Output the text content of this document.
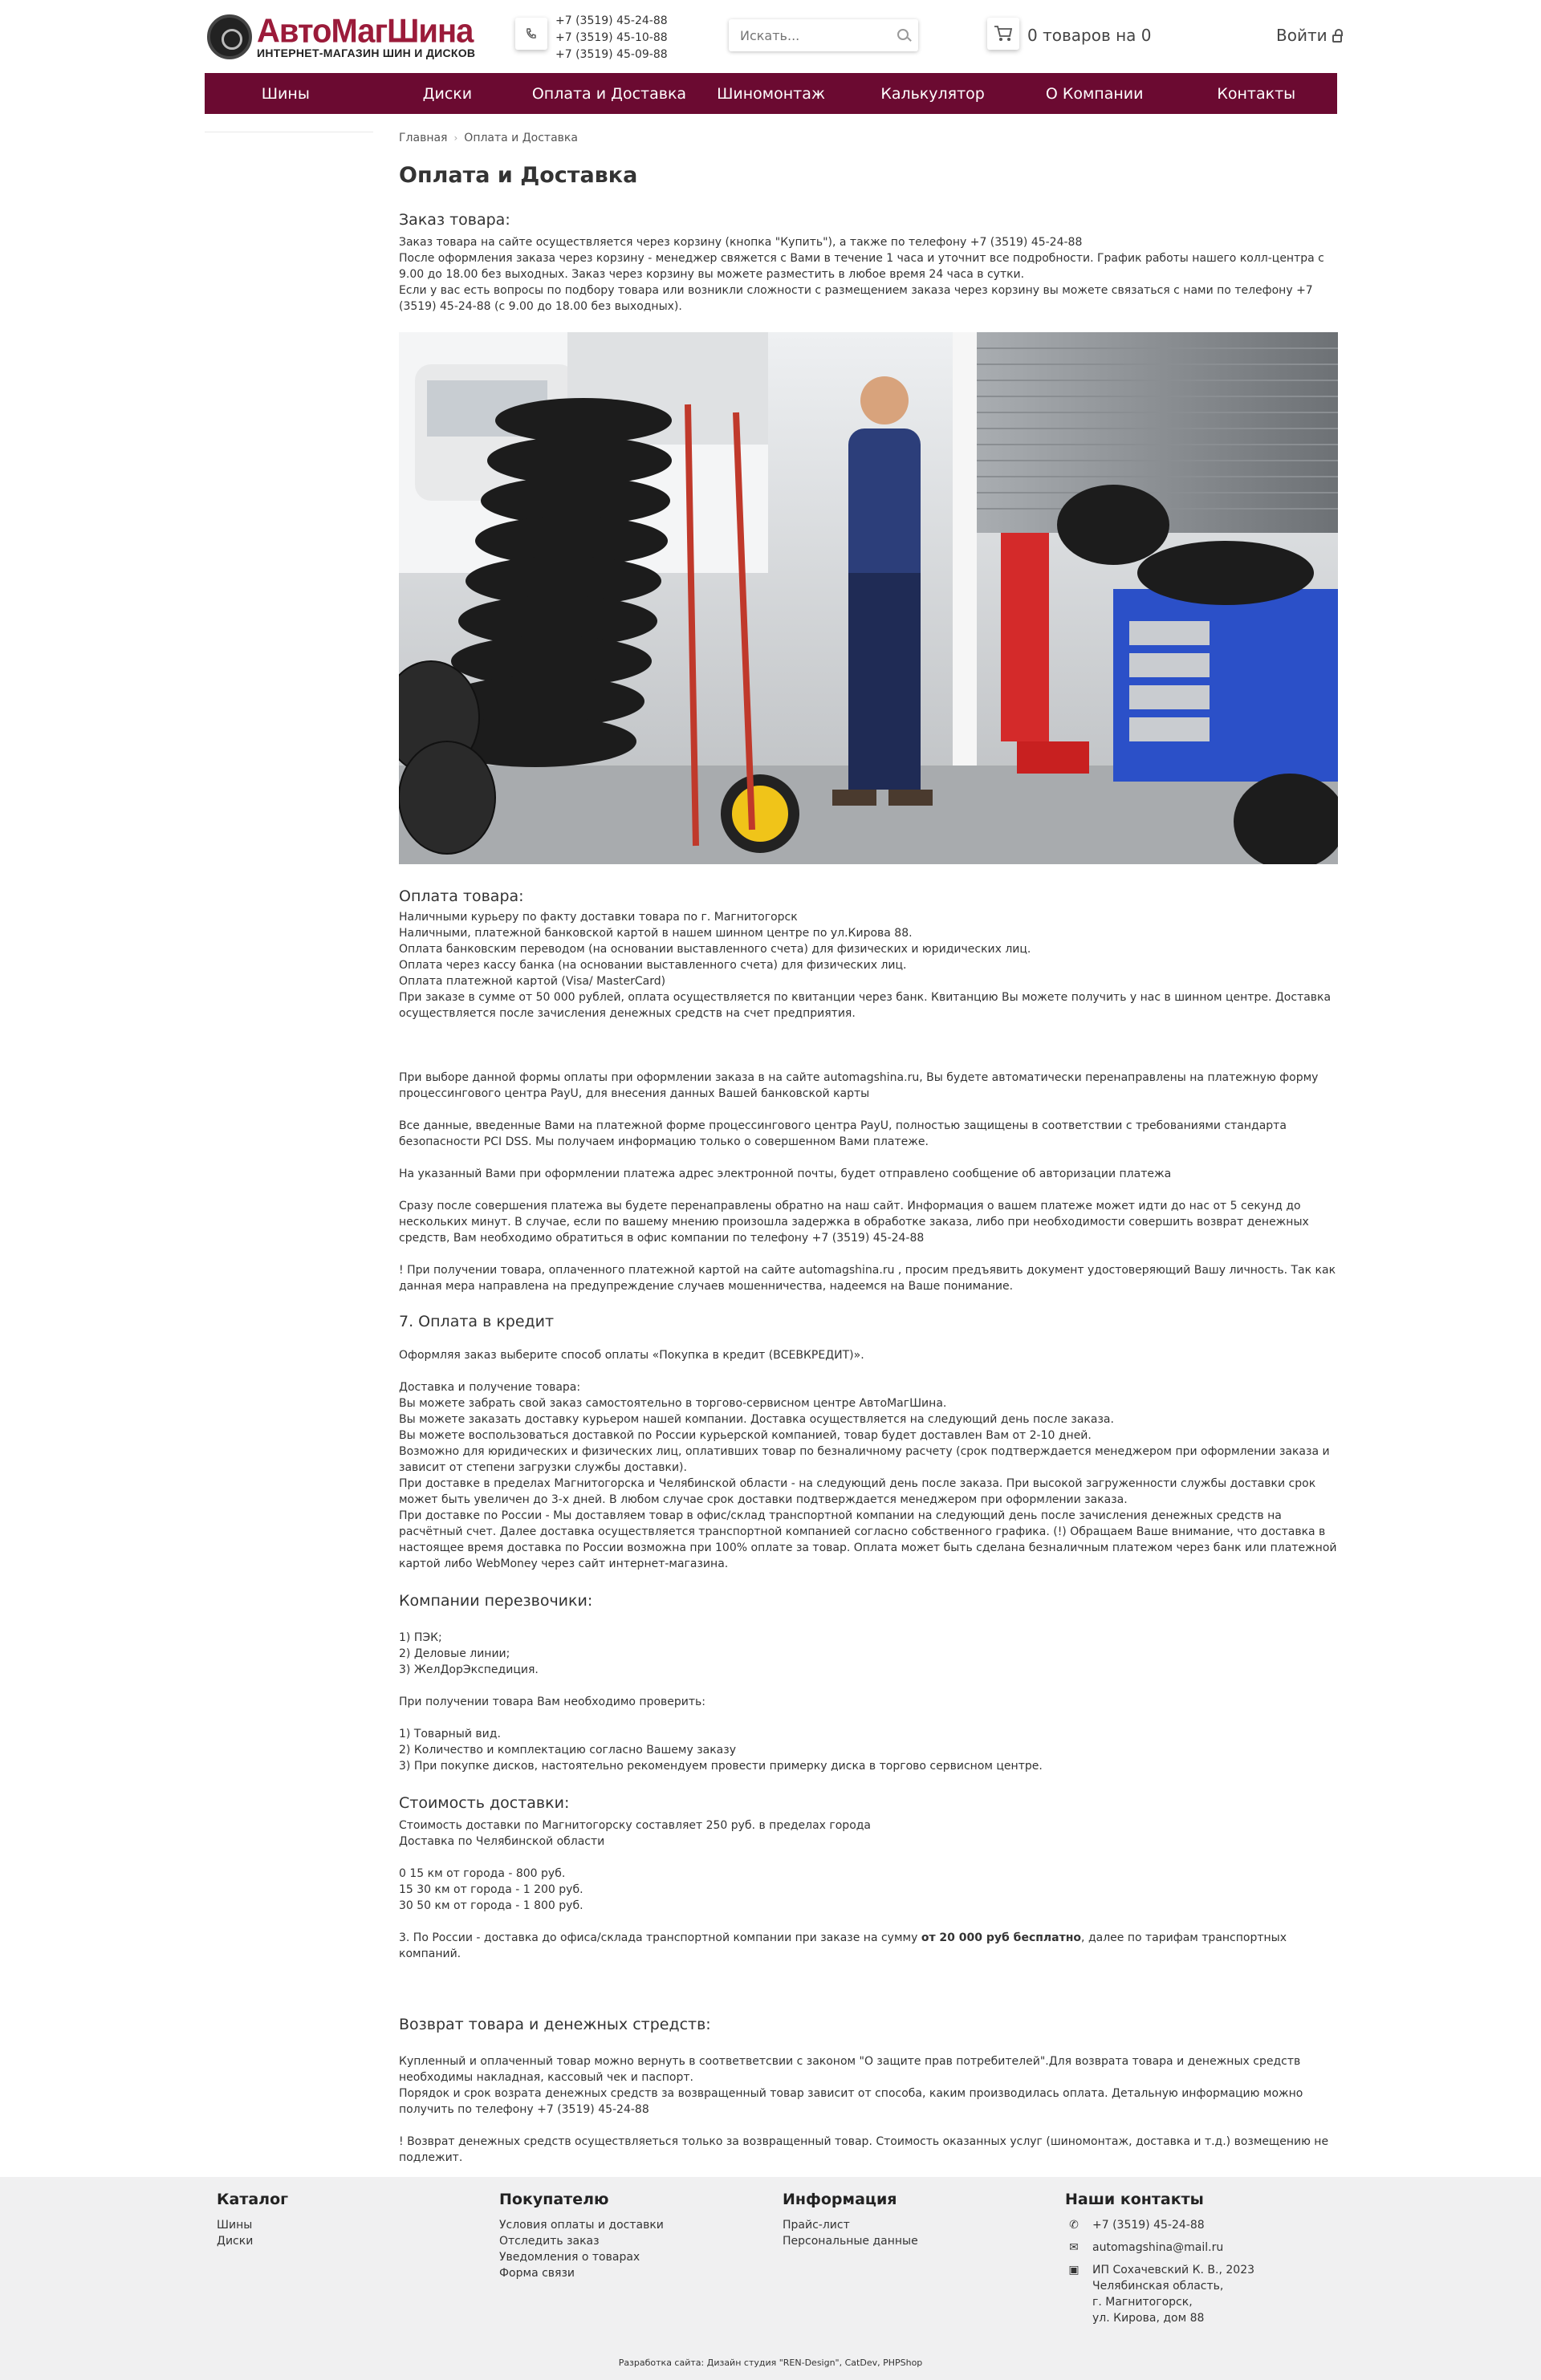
АвтоМагШина
ИНТЕРНЕТ-МАГАЗИН ШИН И ДИСКОВ
+7 (3519) 45-24-88
+7 (3519) 45-10-88
+7 (3519) 45-09-88
Искать...
0 товаров на 0	Войти
Шины	Диски	Оплата и Доставка	Шиномонтаж	Калькулятор	О Компании	Контакты
Главная › Оплата и Доставка
Оплата и Доставка
Заказ товара:

Заказ товара на сайте осуществляется через корзину (кнопка "Купить"), а также по телефону +7 (3519) 45-24-88
После оформления заказа через корзину - менеджер свяжется с Вами в течение 1 часа и уточнит все подробности. График работы нашего колл-центра с 9.00 до 18.00 без выходных. Заказ через корзину вы можете разместить в любое время 24 часа в сутки.
Если у вас есть вопросы по подбору товара или возникли сложности с размещением заказа через корзину вы можете связаться с нами по телефону +7 (3519) 45-24-88 (с 9.00 до 18.00 без выходных).

Оплата товара:

Наличными курьеру по факту доставки товара по г. Магнитогорск
Наличными, платежной банковской картой в нашем шинном центре по ул.Кирова 88.
Оплата банковским переводом (на основании выставленного счета) для физических и юридических лиц.
Оплата через кассу банка (на основании выставленного счета) для физических лиц.
Оплата платежной картой (Visa/ MasterCard)
При заказе в сумме от 50 000 рублей, оплата осуществляется по квитанции через банк. Квитанцию Вы можете получить у нас в шинном центре. Доставка осуществляется после зачисления денежных средств на счет предприятия.

При выборе данной формы оплаты при оформлении заказа в на сайте automagshina.ru, Вы будете автоматически перенаправлены на платежную форму процессингового центра PayU, для внесения данных Вашей банковской карты

Все данные, введенные Вами на платежной форме процессингового центра PayU, полностью защищены в соответствии с требованиями стандарта безопасности PCI DSS. Мы получаем информацию только о совершенном Вами платеже.

На указанный Вами при оформлении платежа адрес электронной почты, будет отправлено сообщение об авторизации платежа

Сразу после совершения платежа вы будете перенаправлены обратно на наш сайт. Информация о вашем платеже может идти до нас от 5 секунд до нескольких минут. В случае, если по вашему мнению произошла задержка в обработке заказа, либо при необходимости совершить возврат денежных средств, Вам необходимо обратиться в офис компании по телефону +7 (3519) 45-24-88

! При получении товара, оплаченного платежной картой на сайте automagshina.ru , просим предъявить документ удостоверяющий Вашу личность. Так как данная мера направлена на предупреждение случаев мошенничества, надеемся на Ваше понимание.

7. Оплата в кредит

Оформляя заказ выберите способ оплаты «Покупка в кредит (ВСЕВКРЕДИТ)».

Доставка и получение товара:
Вы можете забрать свой заказ самостоятельно в торгово-сервисном центре АвтоМагШина.
Вы можете заказать доставку курьером нашей компании. Доставка осуществляется на следующий день после заказа.
Вы можете воспользоваться доставкой по России курьерской компанией, товар будет доставлен Вам от 2-10 дней.
Возможно для юридических и физических лиц, оплативших товар по безналичному расчету (срок подтверждается менеджером при оформлении заказа и зависит от степени загрузки службы доставки).
При доставке в пределах Магнитогорска и Челябинской области - на следующий день после заказа. При высокой загруженности службы доставки срок может быть увеличен до 3-х дней. В любом случае срок доставки подтверждается менеджером при оформлении заказа.
При доставке по России - Мы доставляем товар в офис/склад транспортной компании на следующий день после зачисления денежных средств на расчётный счет. Далее доставка осуществляется транспортной компанией согласно собственного графика. (!) Обращаем Ваше внимание, что доставка в настоящее время доставка по России возможна при 100% оплате за товар. Оплата может быть сделана безналичным платежом через банк или платежной картой либо WebMoney через сайт интернет-магазина.

Компании перезвочики:

1) ПЭК;
2) Деловые линии;
3) ЖелДорЭкспедиция.

При получении товара Вам необходимо проверить:

1) Товарный вид.
2) Количество и комплектацию согласно Вашему заказу
3) При покупке дисков, настоятельно рекомендуем провести примерку диска в торгово сервисном центре.

Стоимость доставки:

Стоимость доставки по Магнитогорску составляет 250 руб. в пределах города
Доставка по Челябинской области

0 15 км от города - 800 руб.
15 30 км от города - 1 200 руб.
30 50 км от города - 1 800 руб.

3. По России - доставка до офиса/склада транспортной компании при заказе на сумму от 20 000 руб бесплатно, далее по тарифам транспортных компаний.

Возврат товара и денежных стредств:

Купленный и оплаченный товар можно вернуть в соответветсвии с законом "О защите прав потребителей".Для возврата товара и денежных средств необходимы накладная, кассовый чек и паспорт.
Порядок и срок возрата денежных средств за возвращенный товар зависит от способа, каким производилась оплата. Детальную информацию можно получить по телефону +7 (3519) 45-24-88

! Возврат денежных средств осуществляеться только за возвращенный товар. Стоимость оказанных услуг (шиномонтаж, доставка и т.д.) возмещению не подлежит.

Каталог
Шины
Диски
Покупателю
Условия оплаты и доставки
Отследить заказ
Уведомления о товарах
Форма связи
Информация
Прайс-лист
Персональные данные
Наши контакты
✆	+7 (3519) 45-24-88
✉	automagshina@mail.ru
▣	ИП Сохачевский К. В., 2023
Челябинская область,
г. Магнитогорск,
ул. Кирова, дом 88
Разработка сайта: Дизайн студия "REN-Design", CatDev, PHPShop
